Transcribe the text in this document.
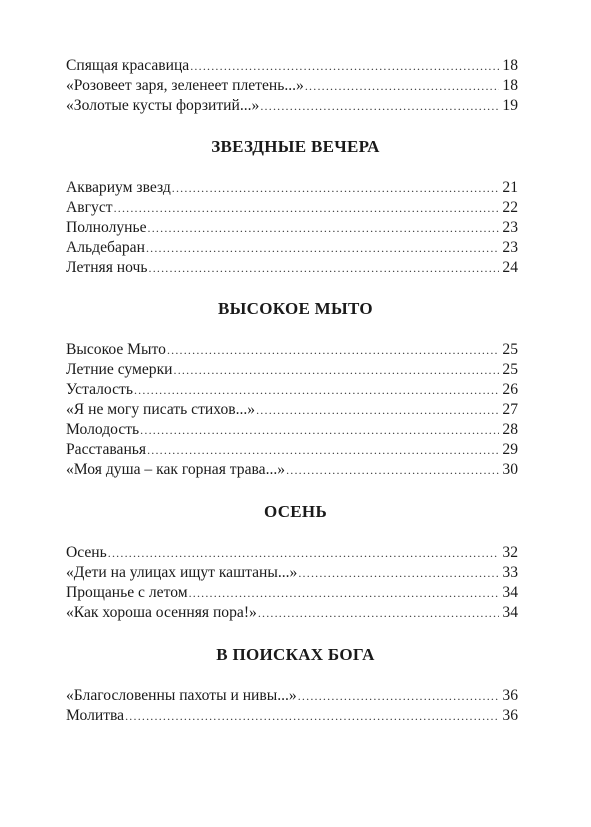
Спящая красавица .....	18
«Розовеет заря, зеленеет плетень...» .....	18
«Золотые кусты форзитий...» .....	19
ЗВЕЗДНЫЕ ВЕЧЕРА
Аквариум звезд .....	21
Август .....	22
Полнолунье .....	23
Альдебаран .....	23
Летняя ночь .....	24
ВЫСОКОЕ МЫТО
Высокое Мыто .....	25
Летние сумерки .....	25
Усталость .....	26
«Я не могу писать стихов...» .....	27
Молодость .....	28
Расставанья .....	29
«Моя душа – как горная трава...» .....	30
ОСЕНЬ
Осень .....	32
«Дети на улицах ищут каштаны...» .....	33
Прощанье с летом .....	34
«Как хороша осенняя пора!» .....	34
В ПОИСКАХ БОГА
«Благословенны пахоты и нивы...» .....	36
Молитва .....	36
